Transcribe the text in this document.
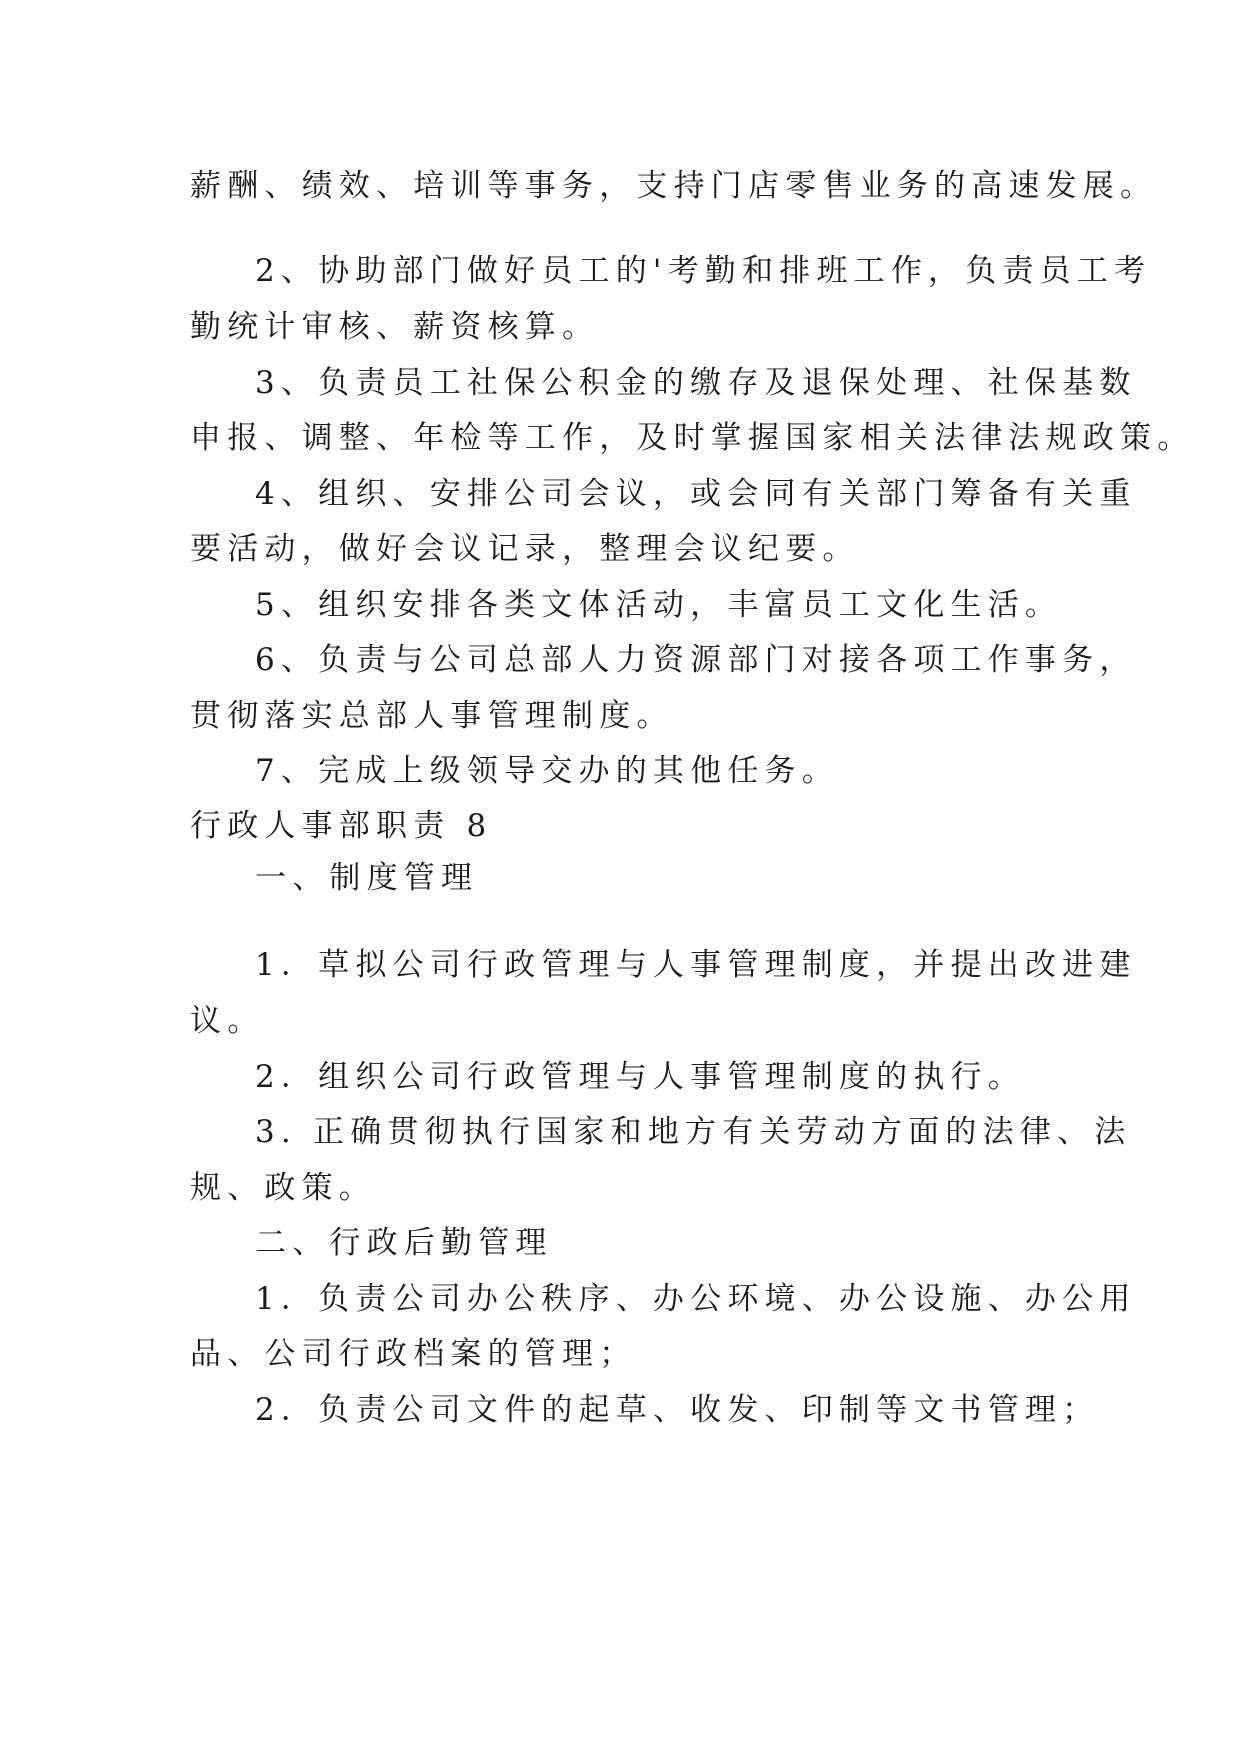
薪酬、绩效、培训等事务，支持门店零售业务的高速发展。

2、协助部门做好员工的'考勤和排班工作，负责员工考

勤统计审核、薪资核算。

3、负责员工社保公积金的缴存及退保处理、社保基数

申报、调整、年检等工作，及时掌握国家相关法律法规政策。

4、组织、安排公司会议，或会同有关部门筹备有关重

要活动，做好会议记录，整理会议纪要。

5、组织安排各类文体活动，丰富员工文化生活。

6、负责与公司总部人力资源部门对接各项工作事务，

贯彻落实总部人事管理制度。

7、完成上级领导交办的其他任务。

行政人事部职责 8

一、制度管理

1．草拟公司行政管理与人事管理制度，并提出改进建

议。

2．组织公司行政管理与人事管理制度的执行。

3. 正确贯彻执行国家和地方有关劳动方面的法律、法

规、政策。

二、行政后勤管理

1．负责公司办公秩序、办公环境、办公设施、办公用

品、公司行政档案的管理；

2．负责公司文件的起草、收发、印制等文书管理；
